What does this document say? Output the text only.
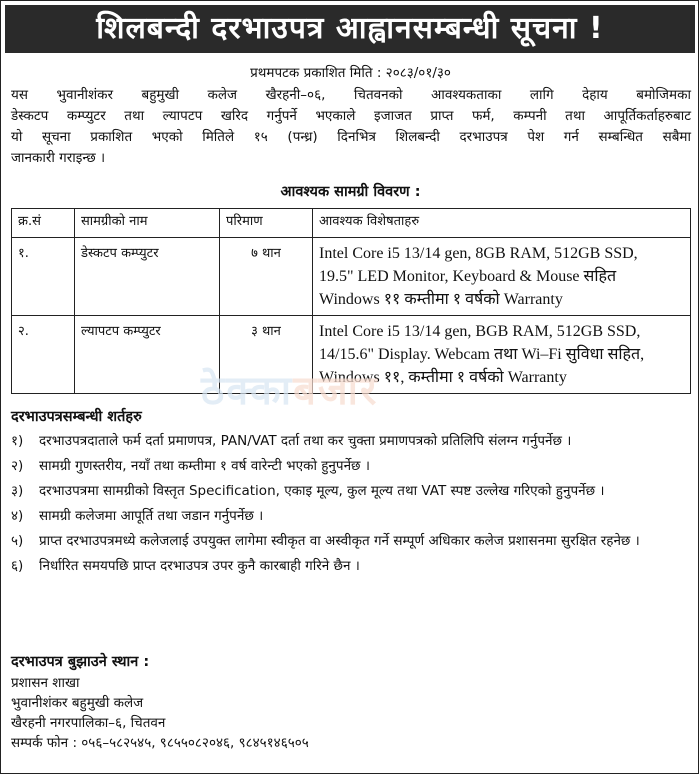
शिलबन्दी दरभाउपत्र आह्वानसम्बन्धी सूचना !
प्रथमपटक प्रकाशित मिति : २०८३/०१/३०
यस भुवानीशंकर बहुमुखी कलेज खैरहनी–०६, चितवनको आवश्यकताका लागि देहाय बमोजिमका
डेस्कटप कम्प्युटर तथा ल्यापटप खरिद गर्नुपर्ने भएकाले इजाजत प्राप्त फर्म, कम्पनी तथा आपूर्तिकर्ताहरुबाट
यो सूचना प्रकाशित भएको मितिले १५ (पन्ध्र) दिनभित्र शिलबन्दी दरभाउपत्र पेश गर्न सम्बन्धित सबैमा
जानकारी गराइन्छ ।
आवश्यक सामग्री विवरण :
क्र.सं	सामग्रीको नाम	परिमाण	आवश्यक विशेषताहरु
१.	डेस्कटप कम्प्युटर	७ थान	Intel Core i5 13/14 gen, 8GB RAM, 512GB SSD,
19.5" LED Monitor, Keyboard & Mouse सहित
Windows ११ कम्तीमा १ वर्षको Warranty

२.	ल्यापटप कम्प्युटर	३ थान	Intel Core i5 13/14 gen, BGB RAM, 512GB SSD,
14/15.6" Display. Webcam तथा Wi–Fi सुविधा सहित,
Windows ११, कम्तीमा १ वर्षको Warranty
ठेक्काबजार
दरभाउपत्रसम्बन्धी शर्तहरु
१) दरभाउपत्रदाताले फर्म दर्ता प्रमाणपत्र, PAN/VAT दर्ता तथा कर चुक्ता प्रमाणपत्रको प्रतिलिपि संलग्न गर्नुपर्नेछ ।
२) सामग्री गुणस्तरीय, नयाँ तथा कम्तीमा १ वर्ष वारेन्टी भएको हुनुपर्नेछ ।
३) दरभाउपत्रमा सामग्रीको विस्तृत Specification, एकाइ मूल्य, कुल मूल्य तथा VAT स्पष्ट उल्लेख गरिएको हुनुपर्नेछ ।
४) सामग्री कलेजमा आपूर्ति तथा जडान गर्नुपर्नेछ ।
५) प्राप्त दरभाउपत्रमध्ये कलेजलाई उपयुक्त लागेमा स्वीकृत वा अस्वीकृत गर्ने सम्पूर्ण अधिकार कलेज प्रशासनमा सुरक्षित रहनेछ ।
६) निर्धारित समयपछि प्राप्त दरभाउपत्र उपर कुनै कारबाही गरिने छैन ।
दरभाउपत्र बुझाउने स्थान :
प्रशासन शाखा
भुवानीशंकर बहुमुखी कलेज
खैरहनी नगरपालिका–६, चितवन
सम्पर्क फोन : ०५६–५८२५४५, ९८५५०८२०४६, ९८४५१४६५०५
